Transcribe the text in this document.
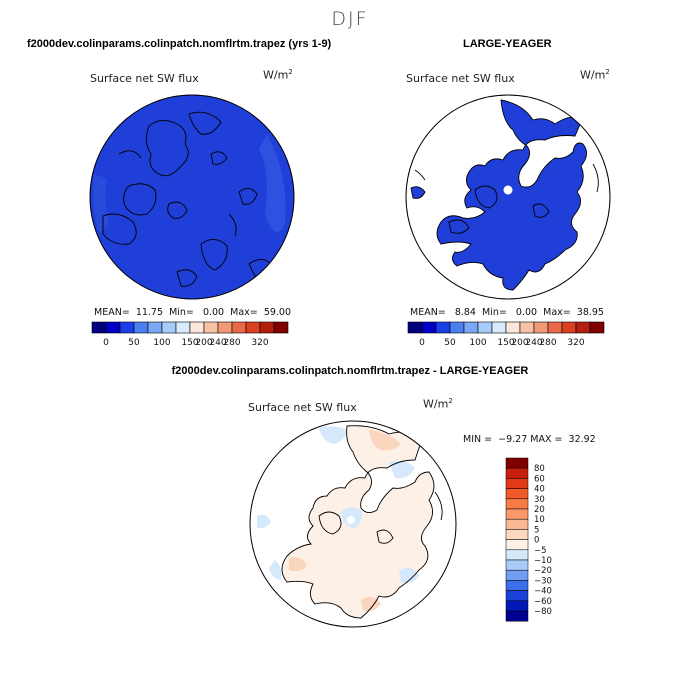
DJF
f2000dev.colinparams.colinpatch.nomflrtm.trapez (yrs 1-9)	LARGE-YEAGER
f2000dev.colinparams.colinpatch.nomflrtm.trapez - LARGE-YEAGER
Surface net SW flux	$W/m^2$
MEAN= 11.75 Min= 0.00 Max= 59.00
0 50 100 150
200
240
280 320
Surface net SW flux	$W/m^2$
MEAN= 8.84 Min= 0.00 Max= 38.95
0 50 100 150
200
240
280 320
Surface net SW flux	$W/m^2$
MIN = −9.27 MAX = 32.92
80
60
40
30
20
10
5
0
−5
−10
−20
−30
−40
−60
−80
